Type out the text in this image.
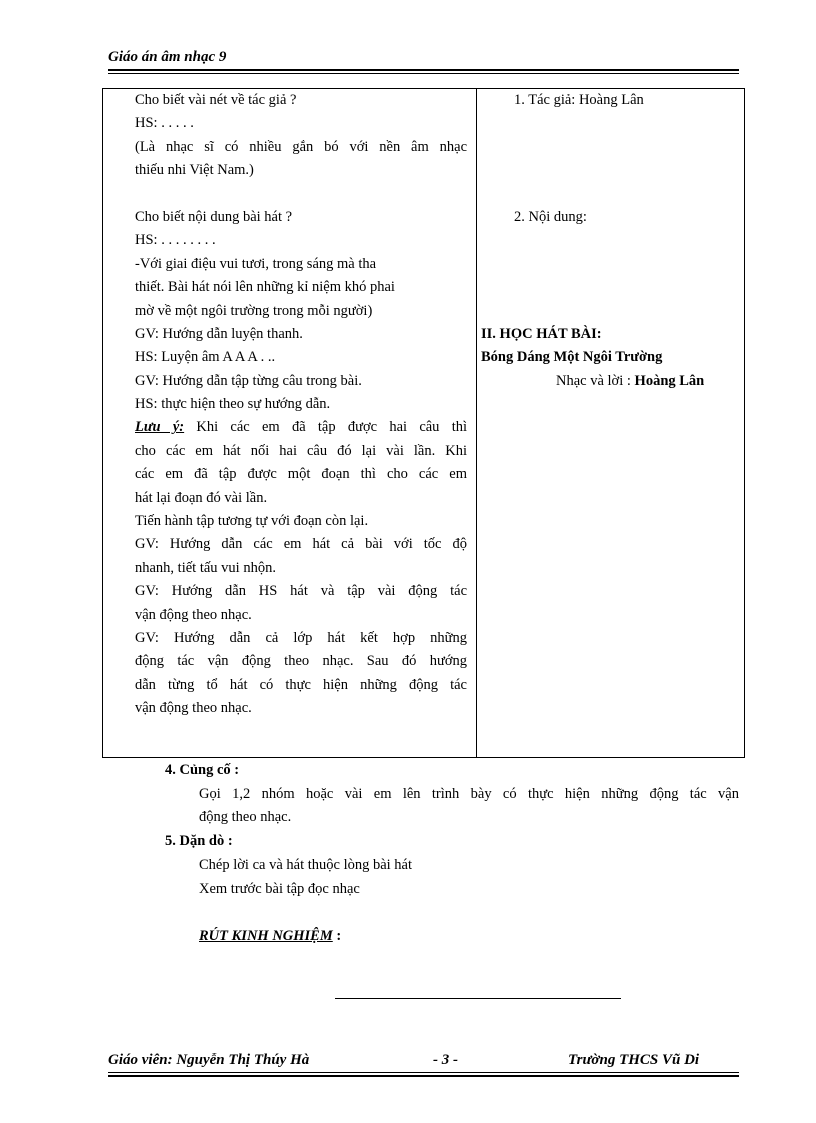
Giáo án âm nhạc 9
Cho biết vài nét về tác giả ?
HS: . . . . .
(Là nhạc sĩ có nhiều gắn bó với nền âm nhạc
thiếu nhi Việt Nam.)
Cho biết nội dung bài hát ?
HS: . . . . . . . .
-Với giai điệu vui tươi, trong sáng mà tha
thiết. Bài hát nói lên những kỉ niệm khó phai
mờ về một ngôi trường trong mỗi người)
GV: Hướng dẫn luyện thanh.
HS: Luyện âm A A A . ..
GV: Hướng dẫn tập từng câu trong bài.
HS: thực hiện theo sự hướng dẫn.
Lưu ý: Khi các em đã tập được hai câu thì
cho các em hát nối hai câu đó lại vài lần. Khi
các em đã tập được một đoạn thì cho các em
hát lại đoạn đó vài lần.
Tiến hành tập tương tự với đoạn còn lại.
GV: Hướng dẫn các em hát cả bài với tốc độ
nhanh, tiết tấu vui nhộn.
GV: Hướng dẫn HS hát và tập vài động tác
vận động theo nhạc.
GV: Hướng dẫn cả lớp hát kết hợp những
động tác vận động theo nhạc. Sau đó hướng
dẫn từng tổ hát có thực hiện những động tác
vận động theo nhạc.
1. Tác giả: Hoàng Lân
2. Nội dung:
II. HỌC HÁT BÀI:
Bóng Dáng Một Ngôi Trường
Nhạc và lời : Hoàng Lân
4. Củng cố :
Gọi 1,2 nhóm hoặc vài em lên trình bày có thực hiện những động tác vận
động theo nhạc.
5. Dặn dò :
Chép lời ca và hát thuộc lòng bài hát
Xem trước bài tập đọc nhạc
RÚT KINH NGHIỆM :
Giáo viên: Nguyễn Thị Thúy Hà	- 3 -	Trường THCS Vũ Di
